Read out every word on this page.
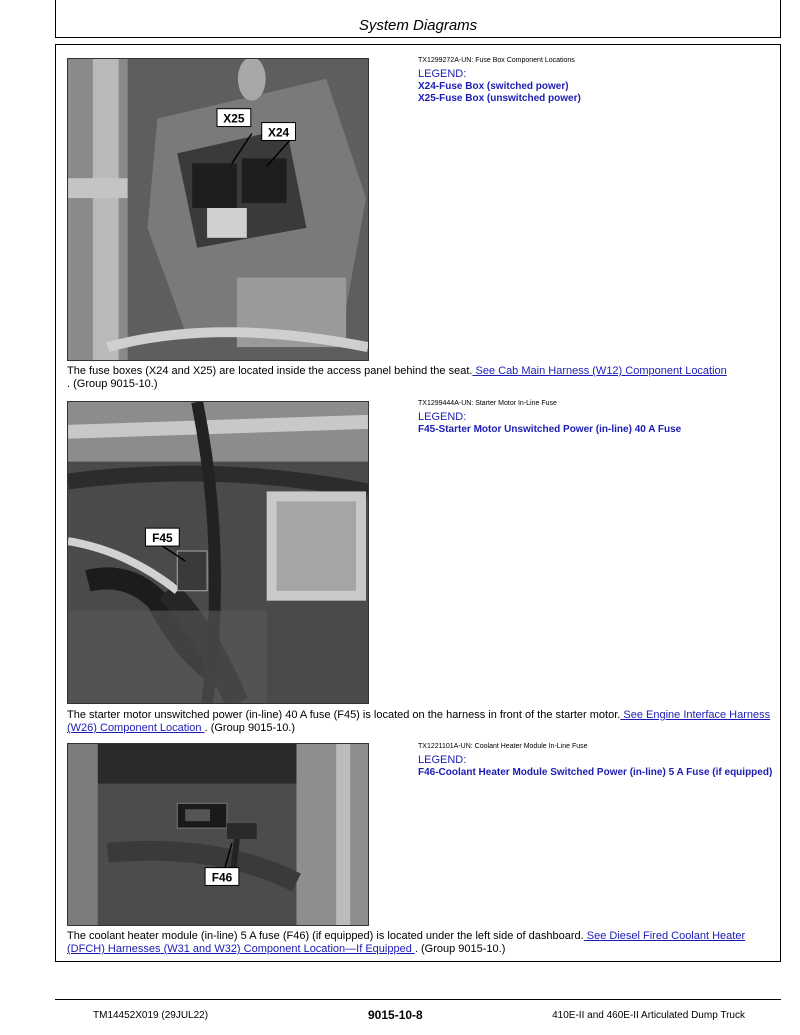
System Diagrams
X25
X24
TX1299272A-UN: Fuse Box Component Locations
LEGEND:
X24-Fuse Box (switched power)
X25-Fuse Box (unswitched power)
The fuse boxes (X24 and X25) are located inside the access panel behind the seat. See Cab Main Harness (W12) Component Location
. (Group 9015-10.)
F45
TX1299444A-UN: Starter Motor In-Line Fuse
LEGEND:
F45-Starter Motor Unswitched Power (in-line) 40 A Fuse
The starter motor unswitched power (in-line) 40 A fuse (F45) is located on the harness in front of the starter motor. See Engine Interface Harness (W26) Component Location . (Group 9015-10.)
F46
TX1221101A-UN: Coolant Heater Module In-Line Fuse
LEGEND:
F46-Coolant Heater Module Switched Power (in-line) 5 A Fuse (if equipped)
The coolant heater module (in-line) 5 A fuse (F46) (if equipped) is located under the left side of dashboard. See Diesel Fired Coolant Heater (DFCH) Harnesses (W31 and W32) Component Location—If Equipped . (Group 9015-10.)
TM14452X019 (29JUL22)	9015-10-8	410E-II and 460E-II Articulated Dump Truck
